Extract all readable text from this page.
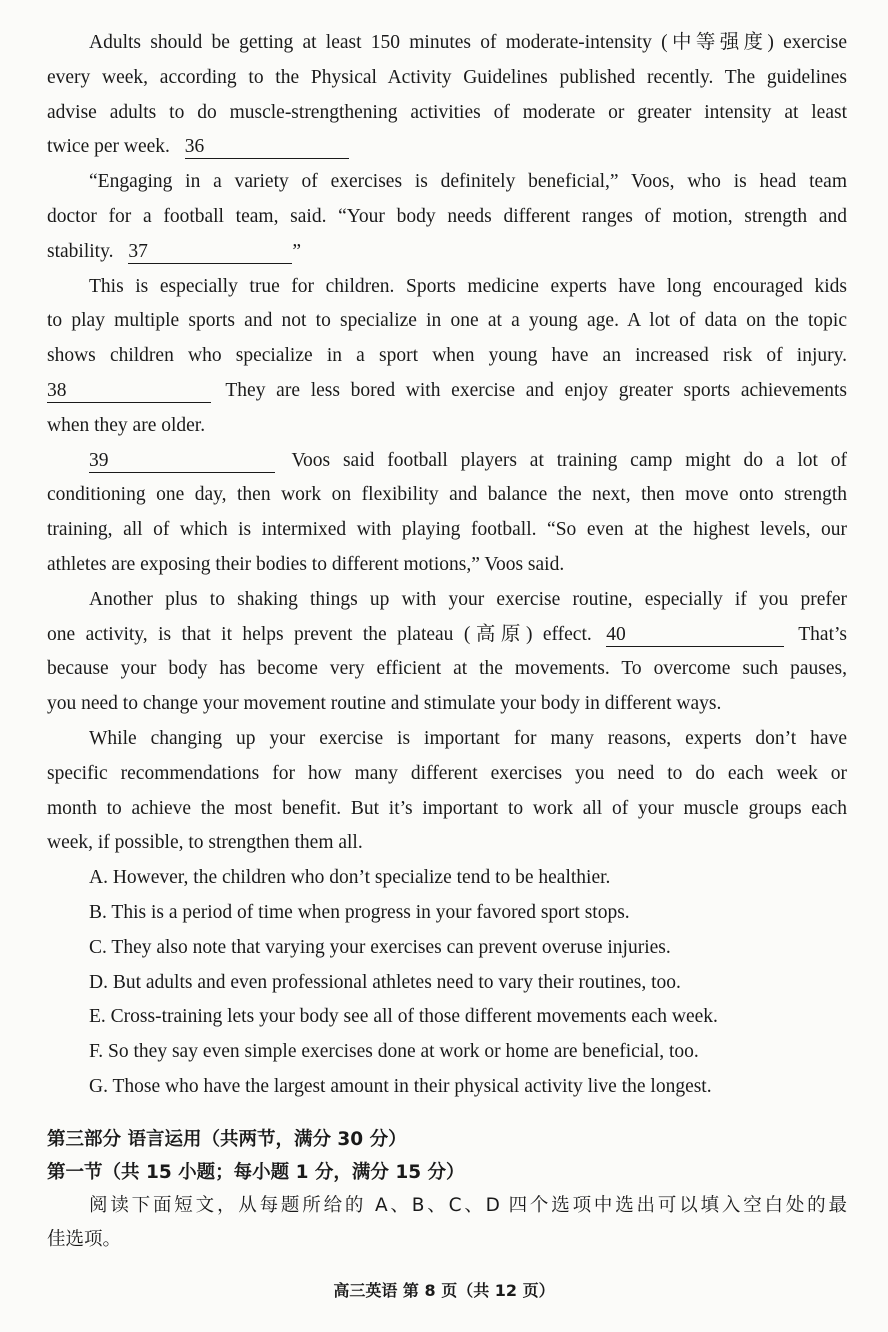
Adults should be getting at least 150 minutes of moderate-intensity (中等强度) exercise
every week, according to the Physical Activity Guidelines published recently. The guidelines
advise adults to do muscle-strengthening activities of moderate or greater intensity at least
twice per week. 36
“Engaging in a variety of exercises is definitely beneficial,” Voos, who is head team
doctor for a football team, said. “Your body needs different ranges of motion, strength and
stability. 37	”
This is especially true for children. Sports medicine experts have long encouraged kids
to play multiple sports and not to specialize in one at a young age. A lot of data on the topic
shows children who specialize in a sport when young have an increased risk of injury.
38	They are less bored with exercise and enjoy greater sports achievements
when they are older.
39	Voos said football players at training camp might do a lot of
conditioning one day, then work on flexibility and balance the next, then move onto strength
training, all of which is intermixed with playing football. “So even at the highest levels, our
athletes are exposing their bodies to different motions,” Voos said.
Another plus to shaking things up with your exercise routine, especially if you prefer
one activity, is that it helps prevent the plateau (高原) effect. 40	That’s
because your body has become very efficient at the movements. To overcome such pauses,
you need to change your movement routine and stimulate your body in different ways.
While changing up your exercise is important for many reasons, experts don’t have
specific recommendations for how many different exercises you need to do each week or
month to achieve the most benefit. But it’s important to work all of your muscle groups each
week, if possible, to strengthen them all.
A. However, the children who don’t specialize tend to be healthier.
B. This is a period of time when progress in your favored sport stops.
C. They also note that varying your exercises can prevent overuse injuries.
D. But adults and even professional athletes need to vary their routines, too.
E. Cross-training lets your body see all of those different movements each week.
F. So they say even simple exercises done at work or home are beneficial, too.
G. Those who have the largest amount in their physical activity live the longest.
第三部分 语言运用（共两节，满分 30 分）
第一节（共 15 小题；每小题 1 分，满分 15 分）
阅读下面短文，从每题所给的 A、B、C、D 四个选项中选出可以填入空白处的最
佳选项。
高三英语 第 8 页（共 12 页）
